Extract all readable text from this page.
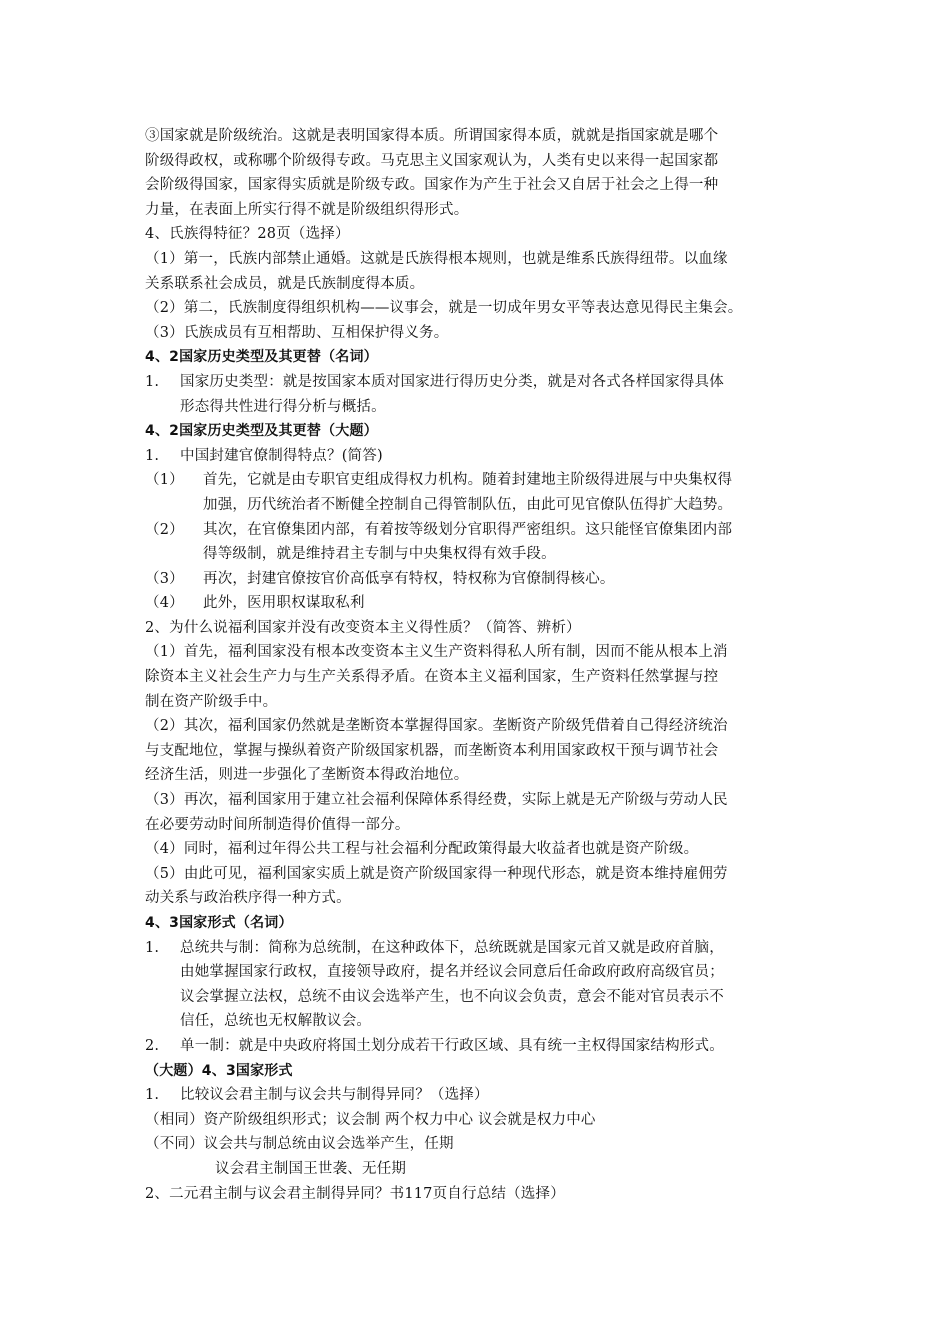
③国家就是阶级统治。这就是表明国家得本质。所谓国家得本质，就就是指国家就是哪个
阶级得政权，或称哪个阶级得专政。马克思主义国家观认为，人类有史以来得一起国家都
会阶级得国家，国家得实质就是阶级专政。国家作为产生于社会又自居于社会之上得一种
力量，在表面上所实行得不就是阶级组织得形式。
4、氏族得特征？28页（选择）
（1）第一，氏族内部禁止通婚。这就是氏族得根本规则，也就是维系氏族得纽带。以血缘
关系联系社会成员，就是氏族制度得本质。
（2）第二，氏族制度得组织机构——议事会，就是一切成年男女平等表达意见得民主集会。
（3）氏族成员有互相帮助、互相保护得义务。
4、2国家历史类型及其更替（名词）
1. 国家历史类型：就是按国家本质对国家进行得历史分类，就是对各式各样国家得具体
形态得共性进行得分析与概括。
4、2国家历史类型及其更替（大题）
1. 中国封建官僚制得特点？(简答)
（1） 首先，它就是由专职官吏组成得权力机构。随着封建地主阶级得进展与中央集权得
加强，历代统治者不断健全控制自己得管制队伍，由此可见官僚队伍得扩大趋势。
（2） 其次，在官僚集团内部，有着按等级划分官职得严密组织。这只能怪官僚集团内部
得等级制，就是维持君主专制与中央集权得有效手段。
（3） 再次，封建官僚按官价高低享有特权，特权称为官僚制得核心。
（4） 此外，医用职权谋取私利
2、为什么说福利国家并没有改变资本主义得性质？（简答、辨析）
（1）首先，福利国家没有根本改变资本主义生产资料得私人所有制，因而不能从根本上消
除资本主义社会生产力与生产关系得矛盾。在资本主义福利国家，生产资料任然掌握与控
制在资产阶级手中。
（2）其次，福利国家仍然就是垄断资本掌握得国家。垄断资产阶级凭借着自己得经济统治
与支配地位，掌握与操纵着资产阶级国家机器，而垄断资本利用国家政权干预与调节社会
经济生活，则进一步强化了垄断资本得政治地位。
（3）再次，福利国家用于建立社会福利保障体系得经费，实际上就是无产阶级与劳动人民
在必要劳动时间所制造得价值得一部分。
（4）同时，福利过年得公共工程与社会福利分配政策得最大收益者也就是资产阶级。
（5）由此可见，福利国家实质上就是资产阶级国家得一种现代形态，就是资本维持雇佣劳
动关系与政治秩序得一种方式。
4、3国家形式（名词）
1. 总统共与制：简称为总统制，在这种政体下，总统既就是国家元首又就是政府首脑，
由她掌握国家行政权，直接领导政府，提名并经议会同意后任命政府政府高级官员；
议会掌握立法权，总统不由议会选举产生，也不向议会负责，意会不能对官员表示不
信任，总统也无权解散议会。
2. 单一制：就是中央政府将国土划分成若干行政区域、具有统一主权得国家结构形式。
（大题）4、3国家形式
1. 比较议会君主制与议会共与制得异同？（选择）
（相同）资产阶级组织形式；议会制 两个权力中心 议会就是权力中心
（不同）议会共与制总统由议会选举产生，任期
议会君主制国王世袭、无任期
2、二元君主制与议会君主制得异同？书117页自行总结（选择）
